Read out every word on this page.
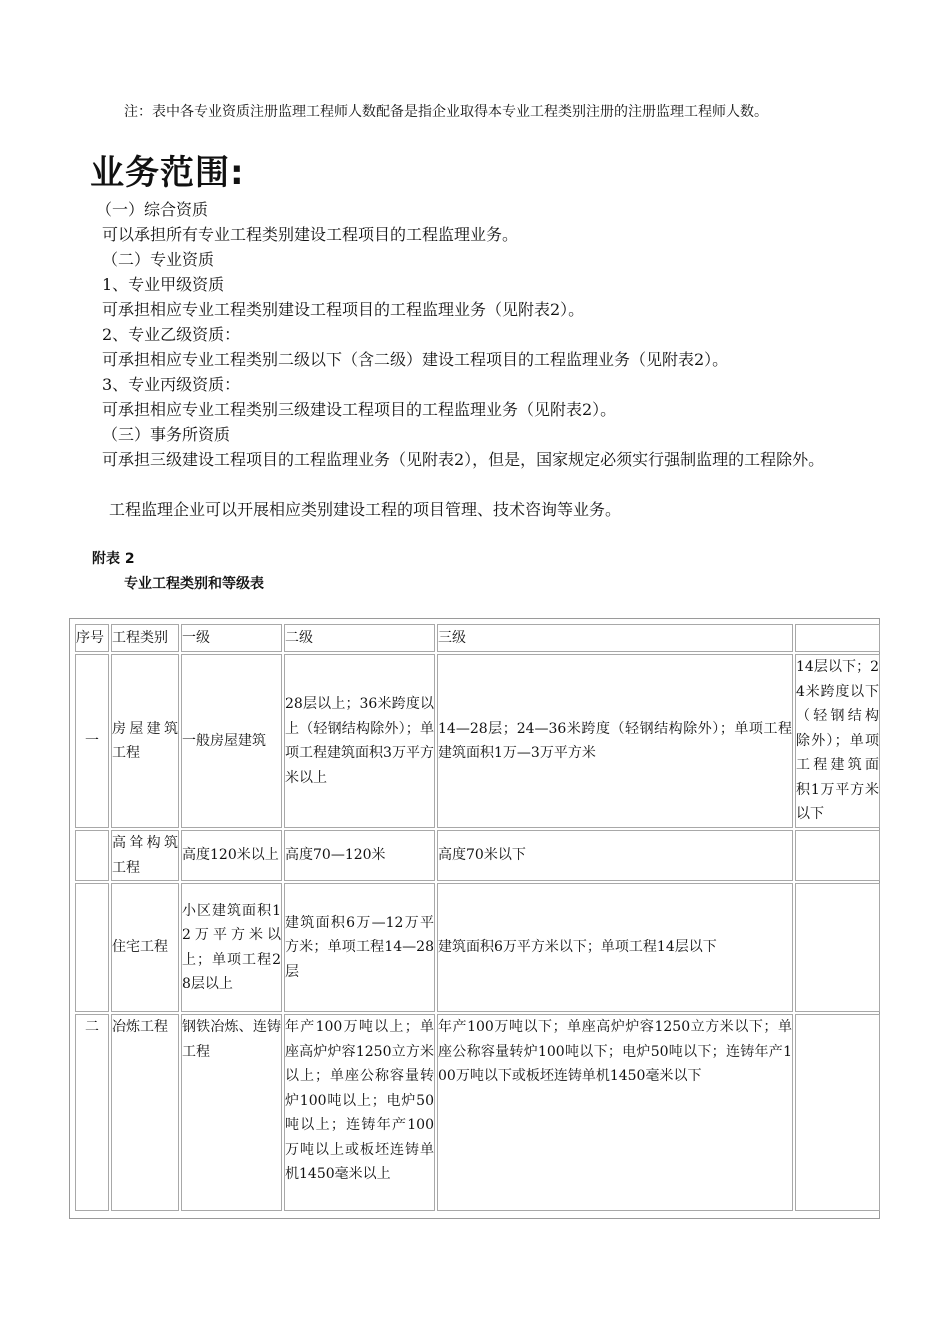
注：表中各专业资质注册监理工程师人数配备是指企业取得本专业工程类别注册的注册监理工程师人数。
业务范围:
（一）综合资质
可以承担所有专业工程类别建设工程项目的工程监理业务。
（二）专业资质
1、专业甲级资质
可承担相应专业工程类别建设工程项目的工程监理业务（见附表2）。
2、专业乙级资质：
可承担相应专业工程类别二级以下（含二级）建设工程项目的工程监理业务（见附表2）。
3、专业丙级资质：
可承担相应专业工程类别三级建设工程项目的工程监理业务（见附表2）。
（三）事务所资质
可承担三级建设工程项目的工程监理业务（见附表2），但是，国家规定必须实行强制监理的工程除外。
工程监理企业可以开展相应类别建设工程的项目管理、技术咨询等业务。
附表 2
专业工程类别和等级表
序号	工程类别	一级	二级	三级	
一	房屋建筑工程	一般房屋建筑	28层以上；36米跨度以上（轻钢结构除外）；单项工程建筑面积3万平方米以上	14—28层；24—36米跨度（轻钢结构除外）；单项工程建筑面积1万—3万平方米	14层以下；24米跨度以下（轻钢结构除外）；单项工程建筑面积1万平方米以下
	高耸构筑工程	高度120米以上	高度70—120米	高度70米以下	
	住宅工程	小区建筑面积12万平方米以上；单项工程28层以上	建筑面积6万—12万平方米；单项工程14—28层	建筑面积6万平方米以下；单项工程14层以下	
二	冶炼工程	钢铁冶炼、连铸工程	年产100万吨以上；单座高炉炉容1250立方米以上；单座公称容量转炉100吨以上；电炉50吨以上；连铸年产100万吨以上或板坯连铸单机1450毫米以上	年产100万吨以下；单座高炉炉容1250立方米以下；单座公称容量转炉100吨以下；电炉50吨以下；连铸年产100万吨以下或板坯连铸单机1450毫米以下	
